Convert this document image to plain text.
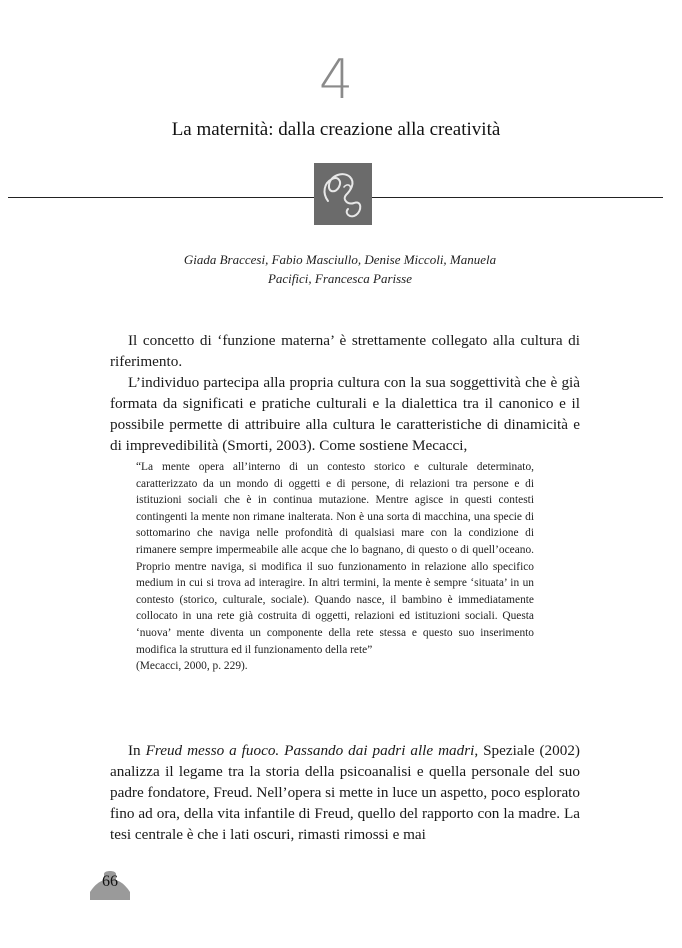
4
La maternità: dalla creazione alla creatività
Giada Braccesi, Fabio Masciullo, Denise Miccoli, Manuela
Pacifici, Francesca Parisse

Il concetto di ‘funzione materna’ è strettamente collegato alla cultura di riferimento.

L’individuo partecipa alla propria cultura con la sua soggettività che è già formata da significati e pratiche culturali e la dialettica tra il canonico e il possibile permette di attribuire alla cultura le caratteristiche di dinamicità e di imprevedibilità (Smorti, 2003). Come sostiene Mecacci,

“La mente opera all’interno di un contesto storico e culturale determinato, caratterizzato da un mondo di oggetti e di persone, di relazioni tra persone e di istituzioni sociali che è in continua mutazione. Mentre agisce in questi contesti contingenti la mente non rimane inalterata. Non è una sorta di macchina, una specie di sottomarino che naviga nelle profondità di qualsiasi mare con la condizione di rimanere sempre impermeabile alle acque che lo bagnano, di questo o di quell’oceano. Proprio mentre naviga, si modifica il suo funzionamento in relazione allo specifico medium in cui si trova ad interagire. In altri termini, la mente è sempre ‘situata’ in un contesto (storico, culturale, sociale). Quando nasce, il bambino è immediatamente collocato in una rete già costruita di oggetti, relazioni ed istituzioni sociali. Questa ‘nuova’ mente diventa un componente della rete stessa e questo suo inserimento modifica la struttura ed il funzionamento della rete”

(Mecacci, 2000, p. 229).

In Freud messo a fuoco. Passando dai padri alle madri, Speziale (2002) analizza il legame tra la storia della psicoanalisi e quella personale del suo padre fondatore, Freud. Nell’opera si mette in luce un aspetto, poco esplorato fino ad ora, della vita infantile di Freud, quello del rapporto con la madre. La tesi centrale è che i lati oscuri, rimasti rimossi e mai

66
